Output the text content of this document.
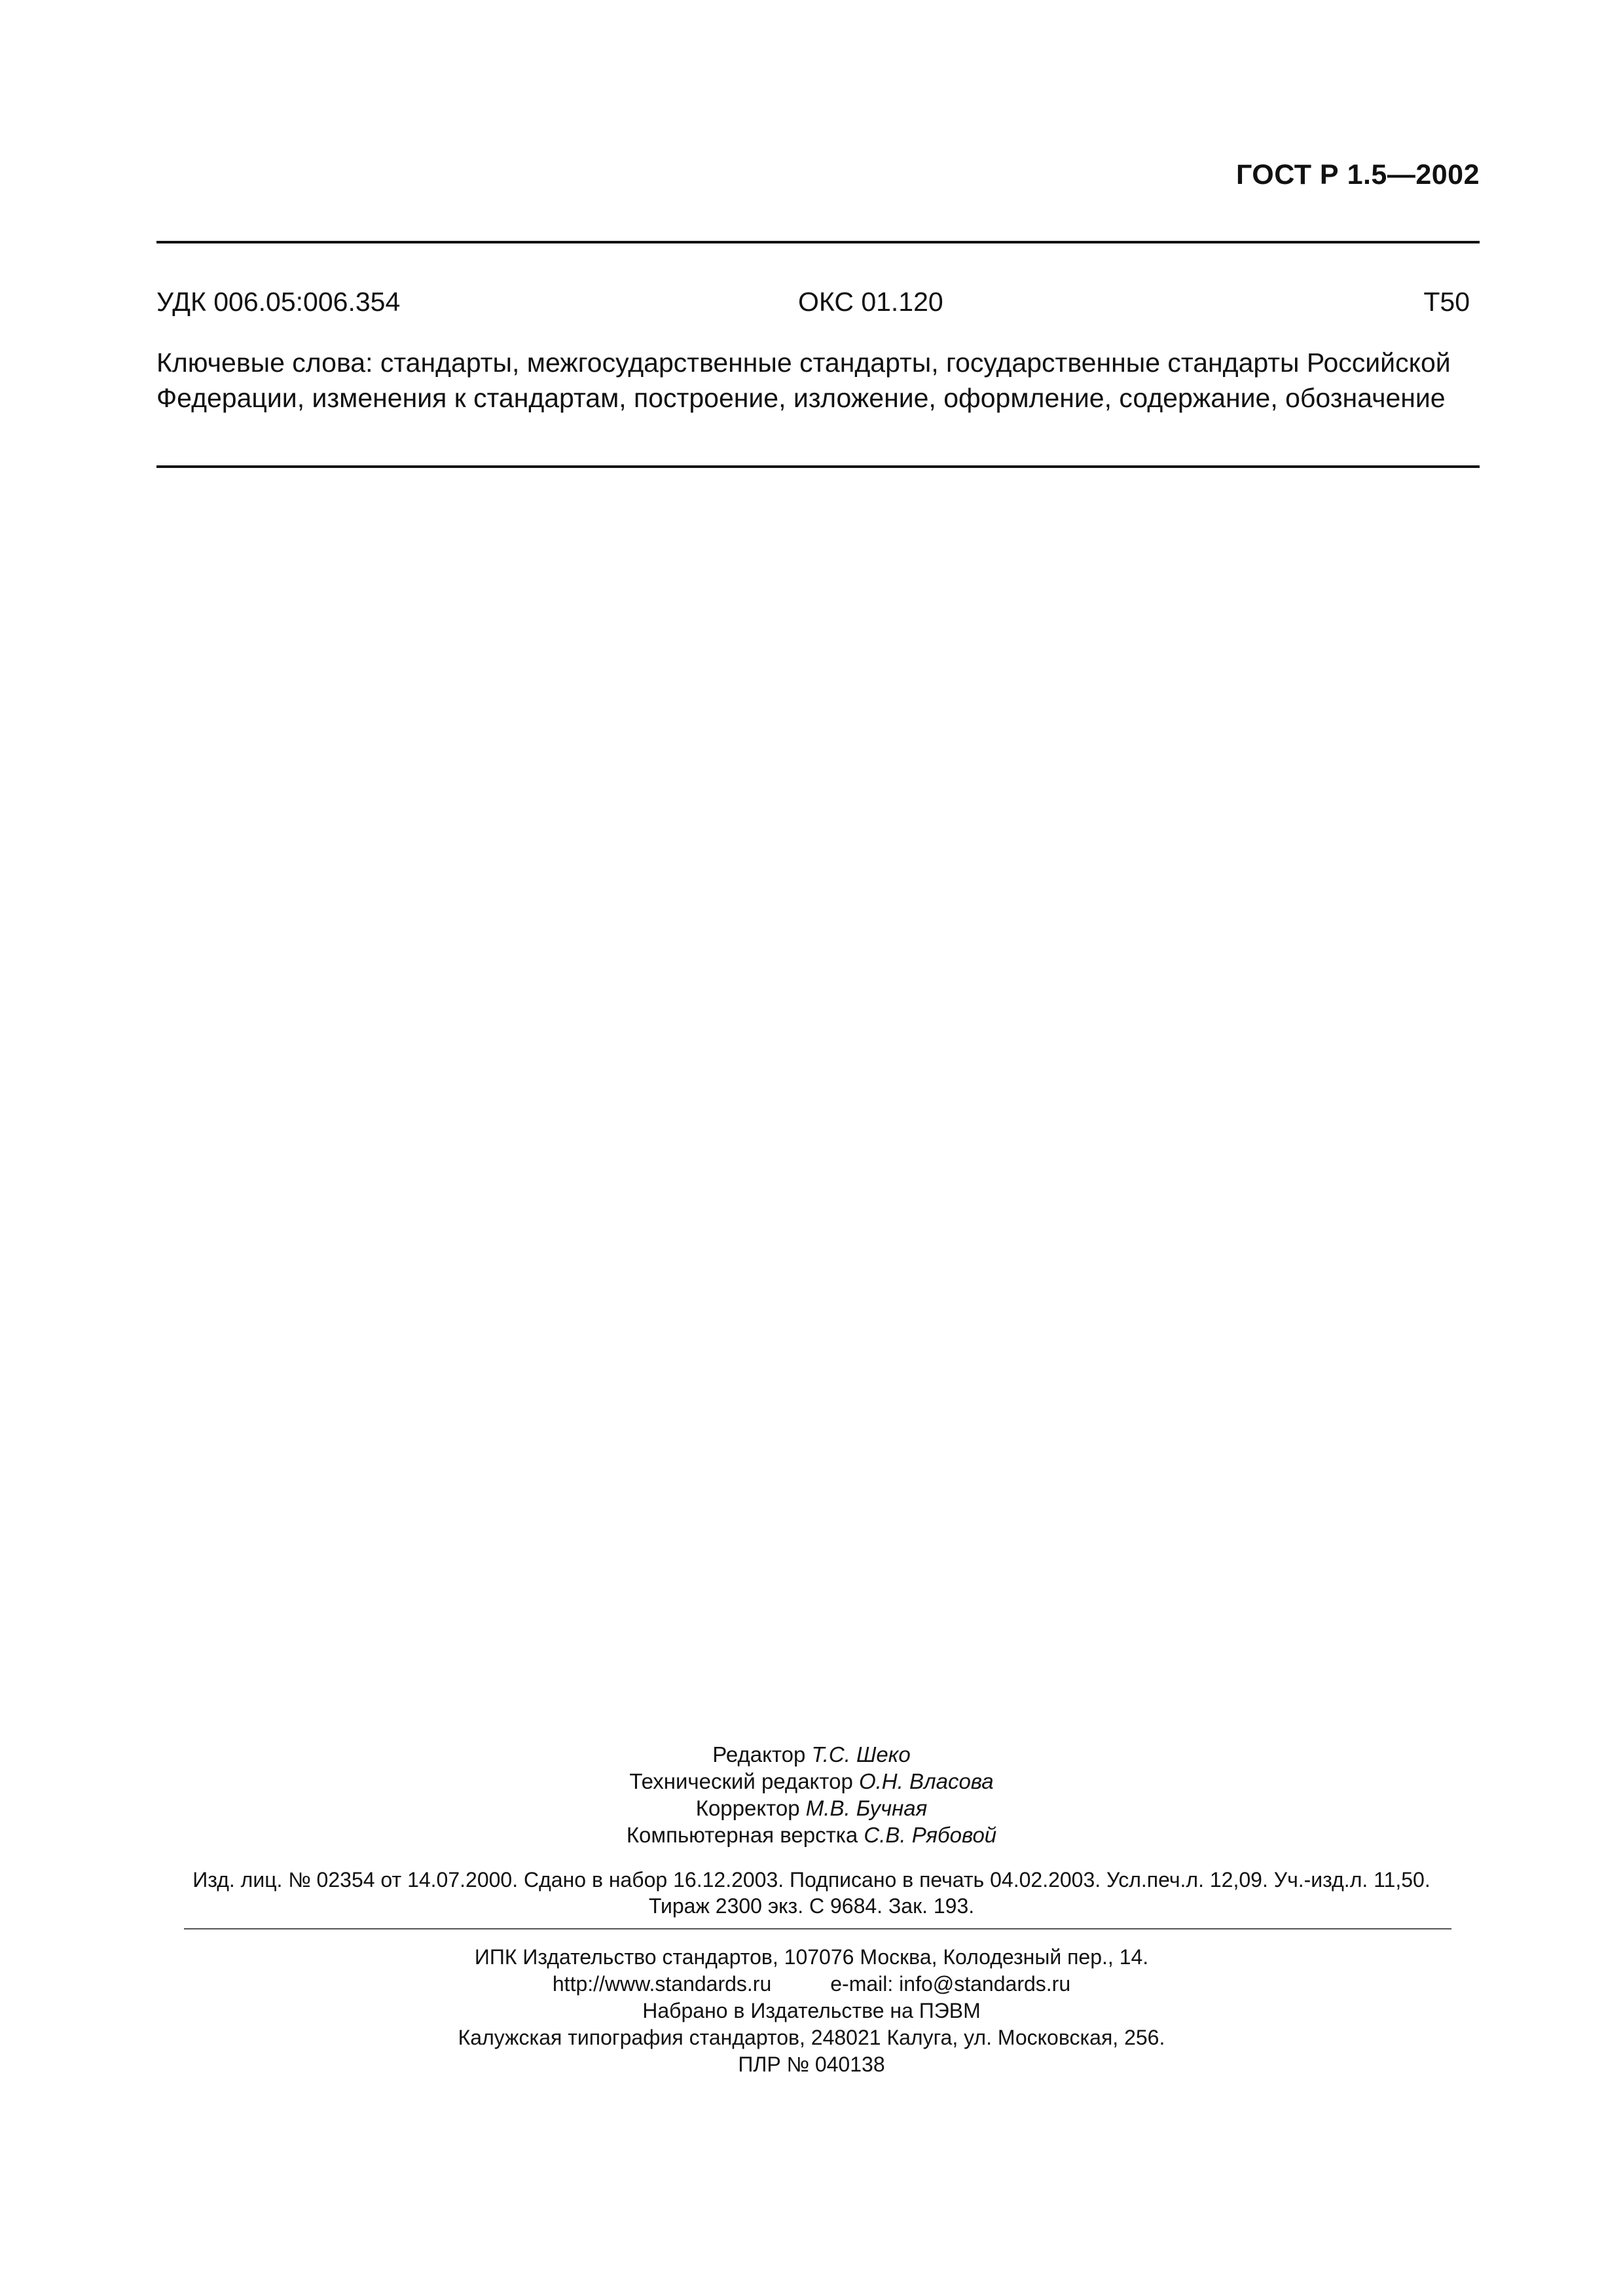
ГОСТ Р 1.5—2002
УДК 006.05:006.354	ОКС 01.120	Т50
Ключевые слова: стандарты, межгосударственные стандарты, государственные стандарты Российской
Федерации, изменения к стандартам, построение, изложение, оформление, содержание, обозначение
Редактор Т.С. Шеко
Технический редактор О.Н. Власова
Корректор М.В. Бучная
Компьютерная верстка С.В. Рябовой
Изд. лиц. № 02354 от 14.07.2000. Сдано в набор 16.12.2003. Подписано в печать 04.02.2003. Усл.печ.л. 12,09. Уч.-изд.л. 11,50.
Тираж 2300 экз. С 9684. Зак. 193.
ИПК Издательство стандартов, 107076 Москва, Колодезный пер., 14.
http://www.standards.ru	e-mail: info@standards.ru
Набрано в Издательстве на ПЭВМ
Калужская типография стандартов, 248021 Калуга, ул. Московская, 256.
ПЛР № 040138
